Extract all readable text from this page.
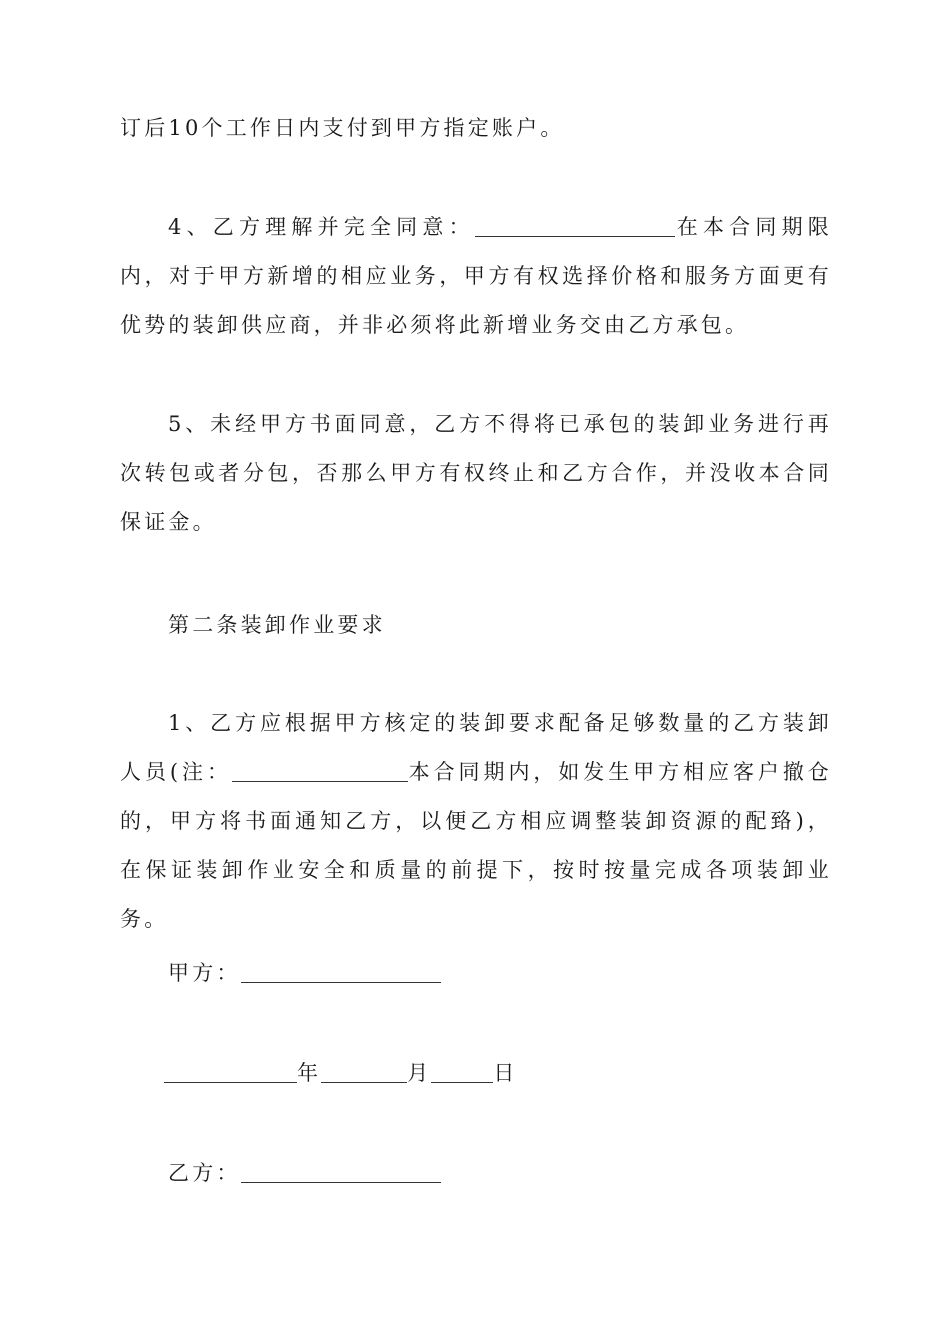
订后10个工作日内支付到甲方指定账户。

4、乙方理解并完全同意：	在本合同期限内，对于甲方新增的相应业务，甲方有权选择价格和服务方面更有优势的装卸供应商，并非必须将此新增业务交由乙方承包。

5、未经甲方书面同意，乙方不得将已承包的装卸业务进行再次转包或者分包，否那么甲方有权终止和乙方合作，并没收本合同保证金。

第二条装卸作业要求

1、乙方应根据甲方核定的装卸要求配备足够数量的乙方装卸人员(注：	本合同期内，如发生甲方相应客户撤仓的，甲方将书面通知乙方，以便乙方相应调整装卸资源的配臵)，在保证装卸作业安全和质量的前提下，按时按量完成各项装卸业务。

甲方：
年	月	日
乙方：
